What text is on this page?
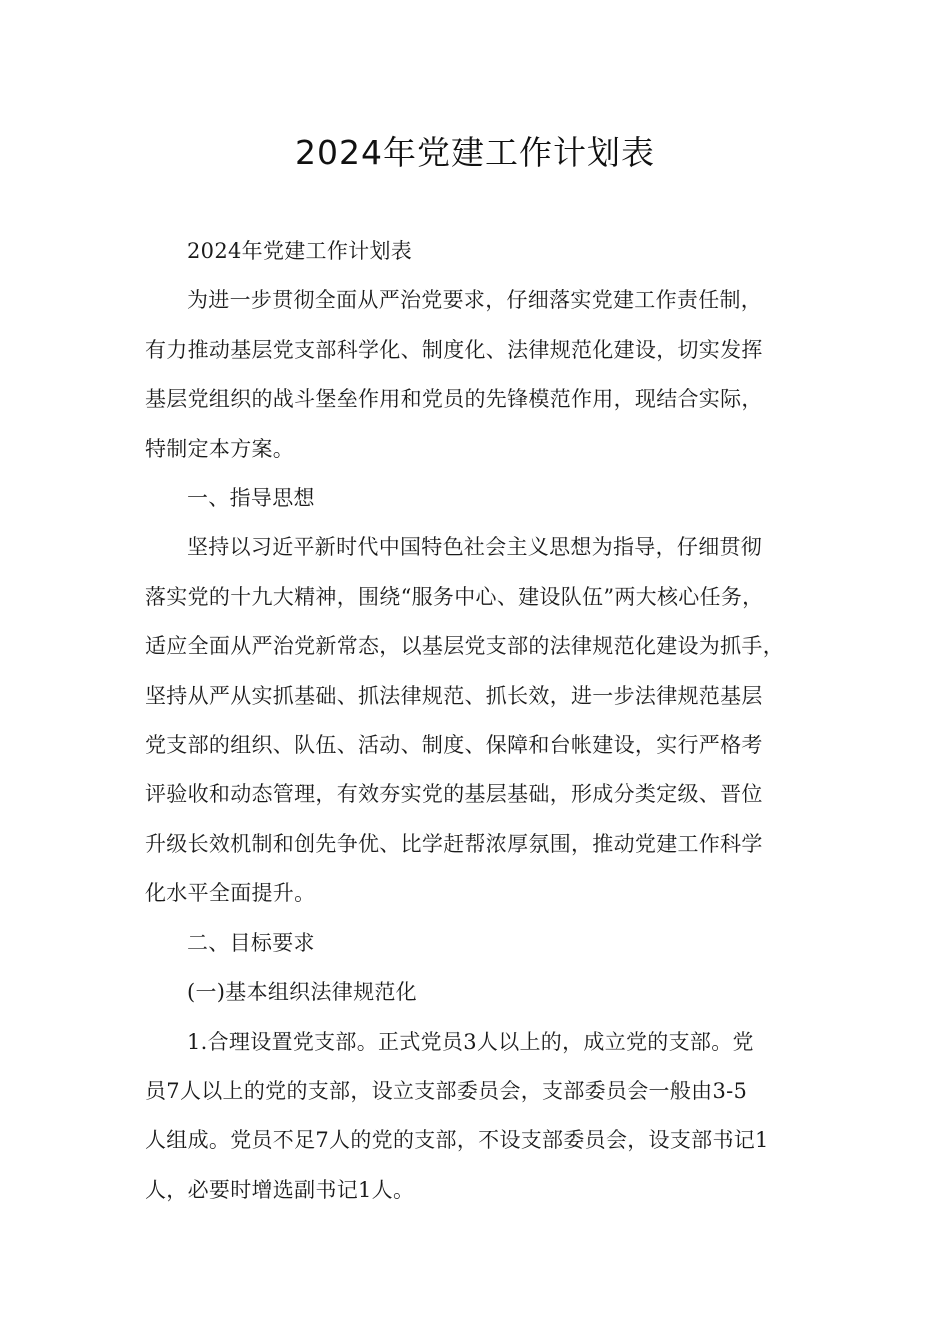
2024年党建工作计划表

2024年党建工作计划表

为进一步贯彻全面从严治党要求，仔细落实党建工作责任制，
有力推动基层党支部科学化、制度化、法律规范化建设，切实发挥
基层党组织的战斗堡垒作用和党员的先锋模范作用，现结合实际，
特制定本方案。

一、指导思想

坚持以习近平新时代中国特色社会主义思想为指导，仔细贯彻
落实党的十九大精神，围绕“服务中心、建设队伍”两大核心任务，
适应全面从严治党新常态，以基层党支部的法律规范化建设为抓手，
坚持从严从实抓基础、抓法律规范、抓长效，进一步法律规范基层
党支部的组织、队伍、活动、制度、保障和台帐建设，实行严格考
评验收和动态管理，有效夯实党的基层基础，形成分类定级、晋位
升级长效机制和创先争优、比学赶帮浓厚氛围，推动党建工作科学
化水平全面提升。

二、目标要求

(一)基本组织法律规范化

1.合理设置党支部。正式党员3人以上的，成立党的支部。党
员7人以上的党的支部，设立支部委员会，支部委员会一般由3-5
人组成。党员不足7人的党的支部，不设支部委员会，设支部书记1
人，必要时增选副书记1人。
